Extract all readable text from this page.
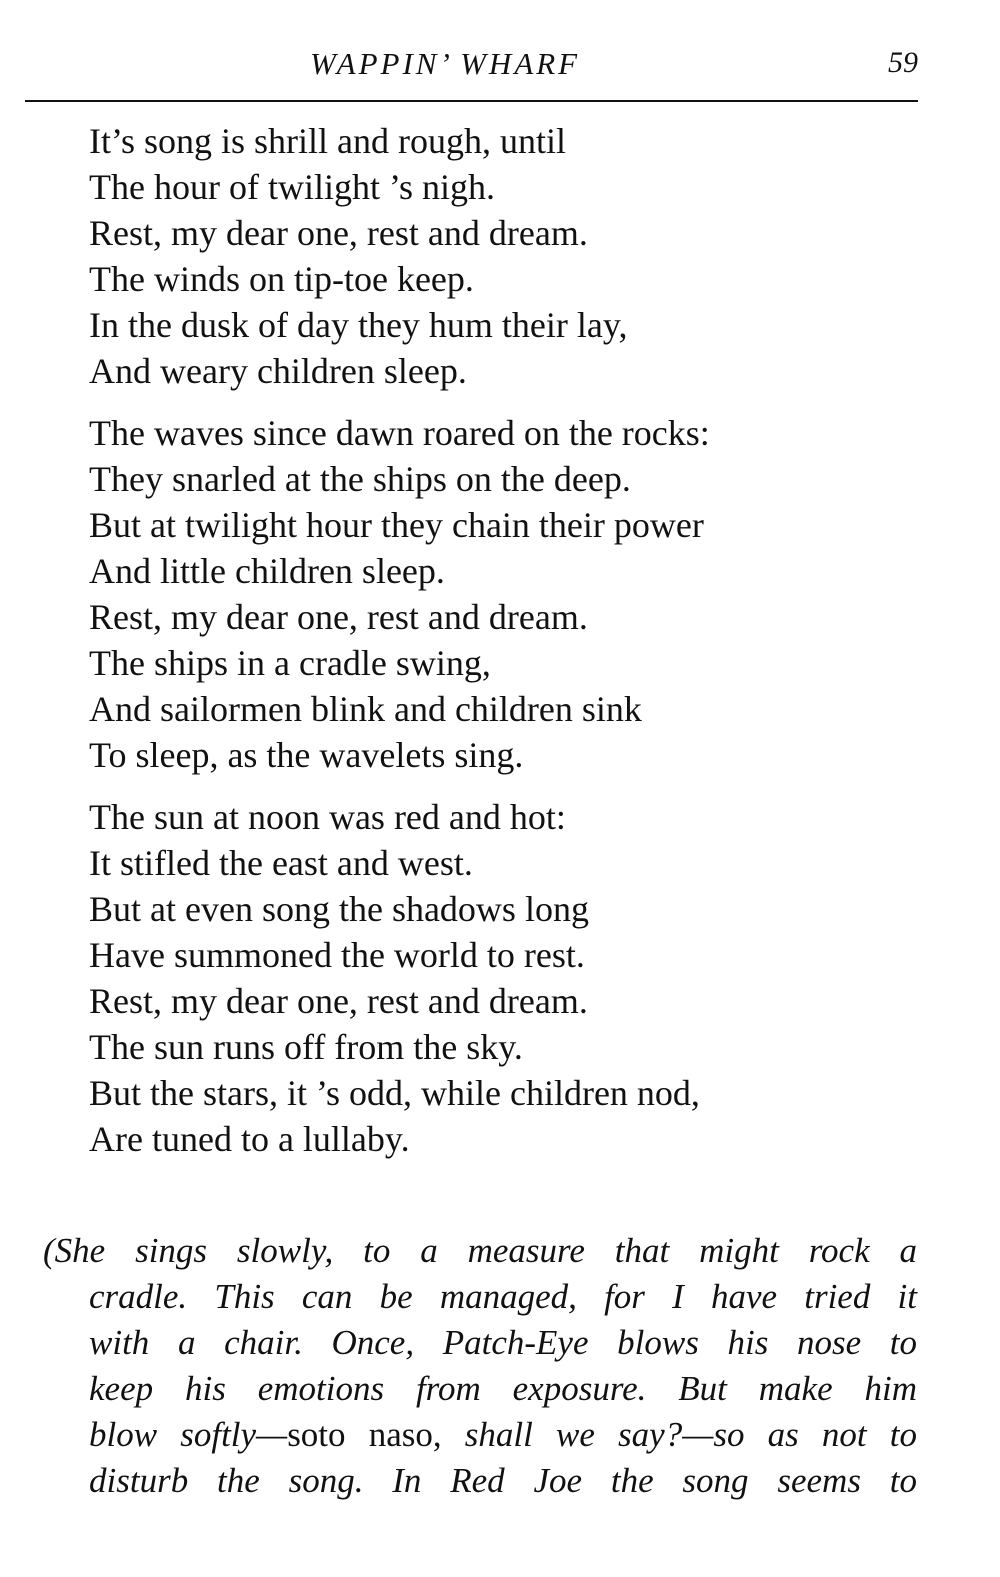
WAPPIN’ WHARF	59
It’s song is shrill and rough, until
The hour of twilight ’s nigh.
Rest, my dear one, rest and dream.
The winds on tip-toe keep.
In the dusk of day they hum their lay,
And weary children sleep.
The waves since dawn roared on the rocks:
They snarled at the ships on the deep.
But at twilight hour they chain their power
And little children sleep.
Rest, my dear one, rest and dream.
The ships in a cradle swing,
And sailormen blink and children sink
To sleep, as the wavelets sing.
The sun at noon was red and hot:
It stifled the east and west.
But at even song the shadows long
Have summoned the world to rest.
Rest, my dear one, rest and dream.
The sun runs off from the sky.
But the stars, it ’s odd, while children nod,
Are tuned to a lullaby.
(She sings slowly, to a measure that might rock a
cradle. This can be managed, for I have tried it
with a chair. Once, Patch-Eye blows his nose to
keep his emotions from exposure. But make him
blow softly—soto naso, shall we say?—so as not to
disturb the song. In Red Joe the song seems to
